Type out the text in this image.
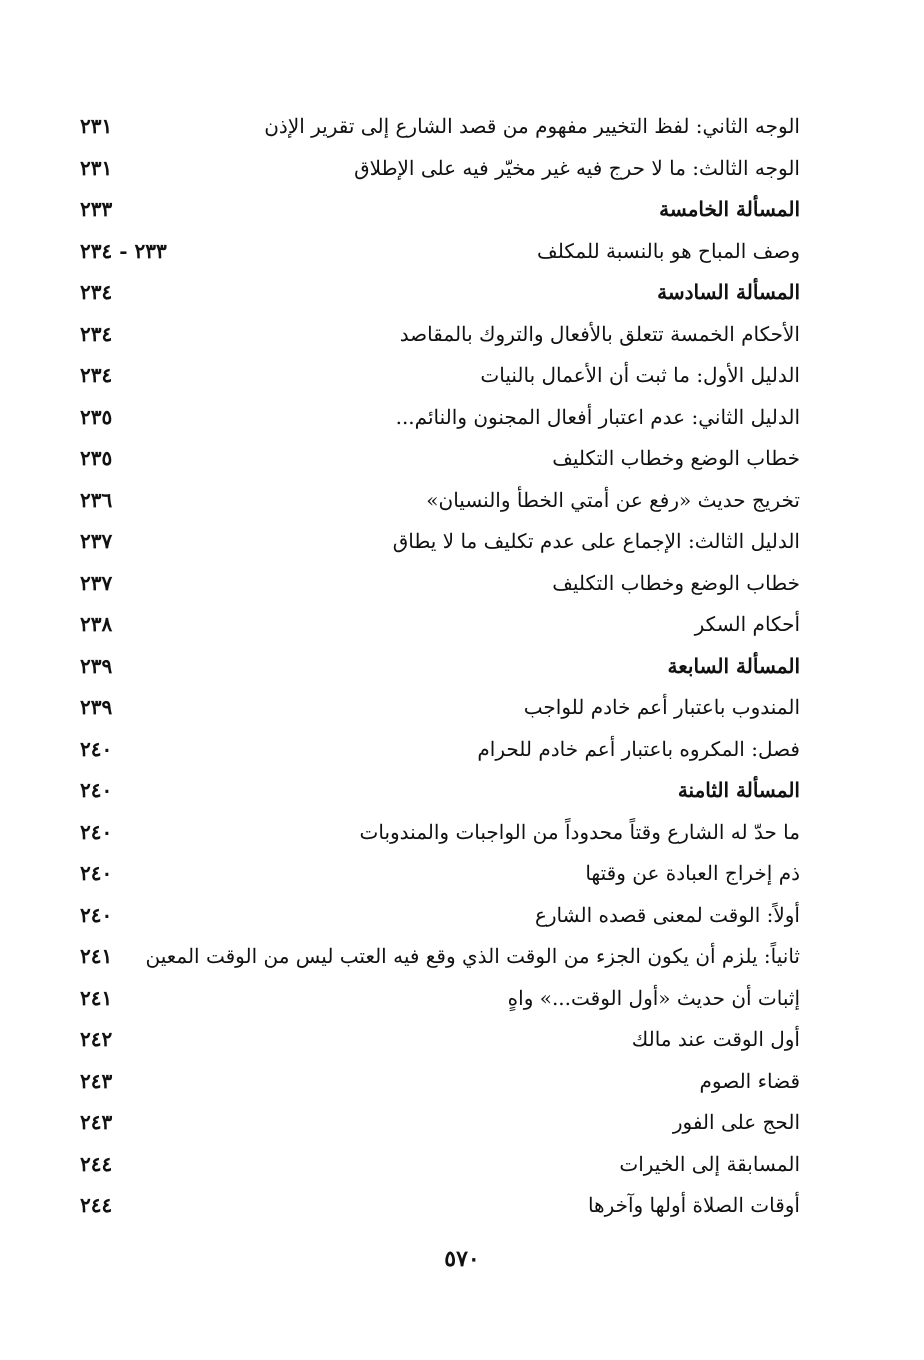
الوجه الثاني: لفظ التخيير مفهوم من قصد الشارع إلى تقرير الإذن
٢٣١
الوجه الثالث: ما لا حرج فيه غير مخيّر فيه على الإطلاق
٢٣١
المسألة الخامسة
٢٣٣
وصف المباح هو بالنسبة للمكلف
٢٣٣ - ٢٣٤
المسألة السادسة
٢٣٤
الأحكام الخمسة تتعلق بالأفعال والتروك بالمقاصد
٢٣٤
الدليل الأول: ما ثبت أن الأعمال بالنيات
٢٣٤
الدليل الثاني: عدم اعتبار أفعال المجنون والنائم...
٢٣٥
خطاب الوضع وخطاب التكليف
٢٣٥
تخريج حديث «رفع عن أمتي الخطأ والنسيان»
٢٣٦
الدليل الثالث: الإجماع على عدم تكليف ما لا يطاق
٢٣٧
خطاب الوضع وخطاب التكليف
٢٣٧
أحكام السكر
٢٣٨
المسألة السابعة
٢٣٩
المندوب باعتبار أعم خادم للواجب
٢٣٩
فصل: المكروه باعتبار أعم خادم للحرام
٢٤٠
المسألة الثامنة
٢٤٠
ما حدّ له الشارع وقتاً محدوداً من الواجبات والمندوبات
٢٤٠
ذم إخراج العبادة عن وقتها
٢٤٠
أولاً: الوقت لمعنى قصده الشارع
٢٤٠
ثانياً: يلزم أن يكون الجزء من الوقت الذي وقع فيه العتب ليس من الوقت المعين
٢٤١
إثبات أن حديث «أول الوقت...» واهٍ
٢٤١
أول الوقت عند مالك
٢٤٢
قضاء الصوم
٢٤٣
الحج على الفور
٢٤٣
المسابقة إلى الخيرات
٢٤٤
أوقات الصلاة أولها وآخرها
٢٤٤
٥٧٠
